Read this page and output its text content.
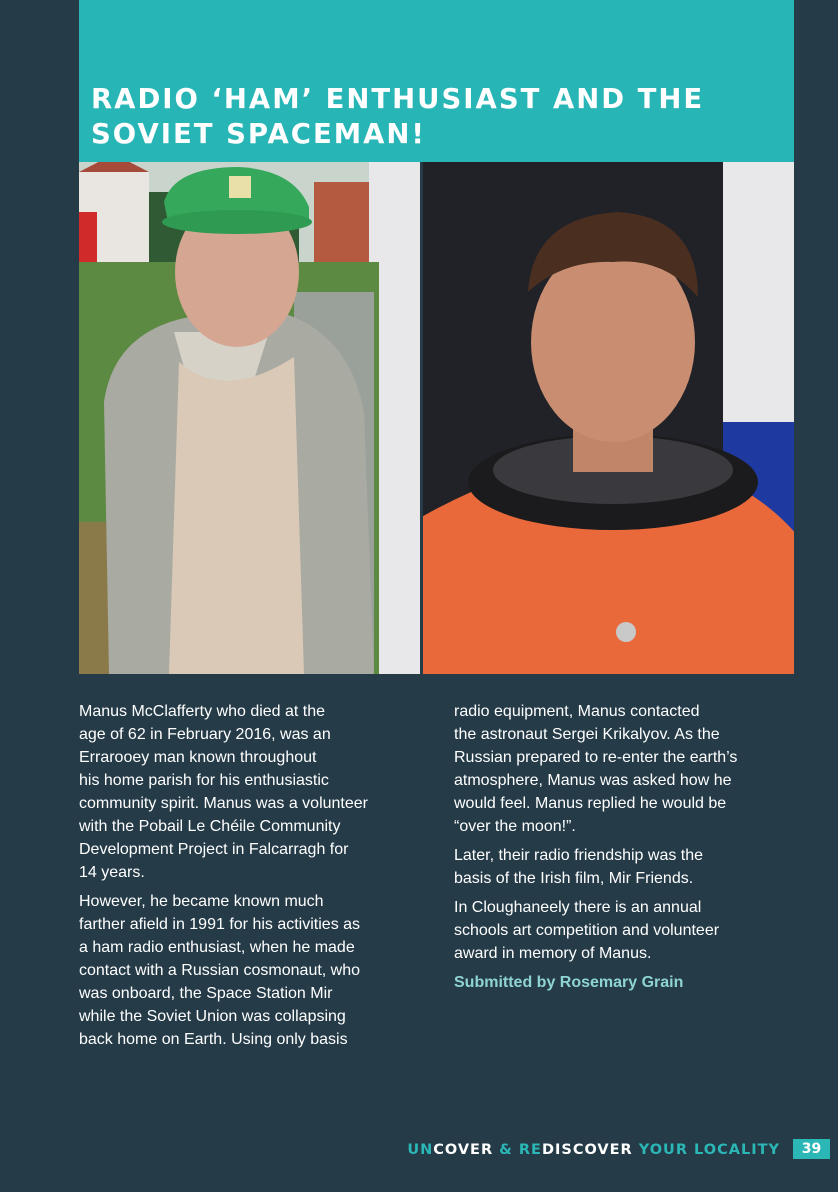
RADIO ‘HAM’ ENTHUSIAST AND THE
SOVIET SPACEMAN!

Manus McClafferty who died at the
age of 62 in February 2016, was an
Errarooey man known throughout
his home parish for his enthusiastic
community spirit. Manus was a volunteer
with the Pobail Le Chéile Community
Development Project in Falcarragh for
14 years.

However, he became known much
farther afield in 1991 for his activities as
a ham radio enthusiast, when he made
contact with a Russian cosmonaut, who
was onboard, the Space Station Mir
while the Soviet Union was collapsing
back home on Earth. Using only basis

radio equipment, Manus contacted
the astronaut Sergei Krikalyov. As the
Russian prepared to re-enter the earth’s
atmosphere, Manus was asked how he
would feel. Manus replied he would be
“over the moon!”.

Later, their radio friendship was the
basis of the Irish film, Mir Friends.

In Cloughaneely there is an annual
schools art competition and volunteer
award in memory of Manus.

Submitted by Rosemary Grain

UNCOVER & REDISCOVER YOUR LOCALITY	39
